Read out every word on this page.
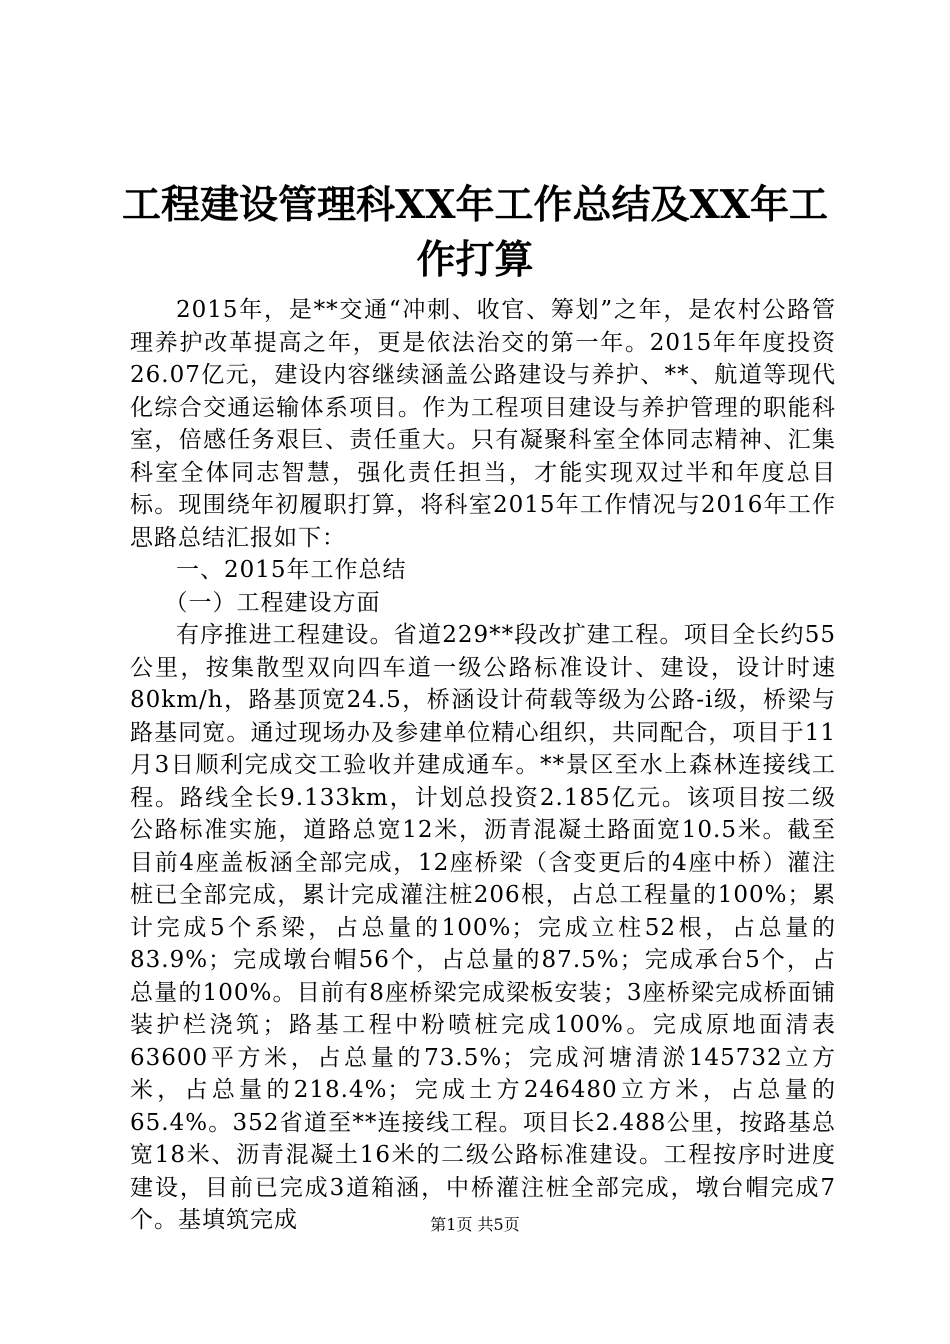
工程建设管理科XX年工作总结及XX年工作打算

2015年，是**交通“冲刺、收官、筹划”之年，是农村公路管理养护改革提高之年，更是依法治交的第一年。2015年年度投资26.07亿元，建设内容继续涵盖公路建设与养护、**、航道等现代化综合交通运输体系项目。作为工程项目建设与养护管理的职能科室，倍感任务艰巨、责任重大。只有凝聚科室全体同志精神、汇集科室全体同志智慧，强化责任担当，才能实现双过半和年度总目标。现围绕年初履职打算，将科室2015年工作情况与2016年工作思路总结汇报如下：

一、2015年工作总结

（一）工程建设方面

有序推进工程建设。省道229**段改扩建工程。项目全长约55公里，按集散型双向四车道一级公路标准设计、建设，设计时速80km/h，路基顶宽24.5，桥涵设计荷载等级为公路-i级，桥梁与路基同宽。通过现场办及参建单位精心组织，共同配合，项目于11月3日顺利完成交工验收并建成通车。**景区至水上森林连接线工程。路线全长9.133km，计划总投资2.185亿元。该项目按二级公路标准实施，道路总宽12米，沥青混凝土路面宽10.5米。截至目前4座盖板涵全部完成，12座桥梁（含变更后的4座中桥）灌注桩已全部完成，累计完成灌注桩206根，占总工程量的100%；累计完成5个系梁，占总量的100%；完成立柱52根，占总量的83.9%；完成墩台帽56个，占总量的87.5%；完成承台5个，占总量的100%。目前有8座桥梁完成梁板安装；3座桥梁完成桥面铺装护栏浇筑；路基工程中粉喷桩完成100%。完成原地面清表63600平方米，占总量的73.5%；完成河塘清淤145732立方米，占总量的218.4%；完成土方246480立方米，占总量的65.4%。352省道至**连接线工程。项目长2.488公里，按路基总宽18米、沥青混凝土16米的二级公路标准建设。工程按序时进度建设，目前已完成3道箱涵，中桥灌注桩全部完成，墩台帽完成7个。基填筑完成	第1页 共5页
